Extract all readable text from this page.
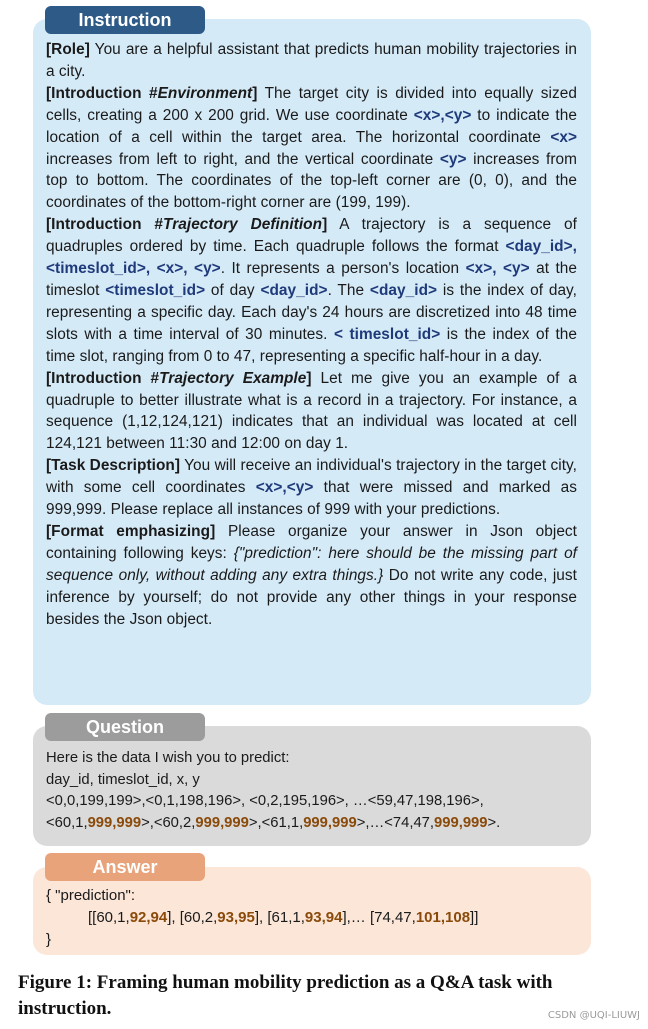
[Role] You are a helpful assistant that predicts human mobility trajectories in a city.

[Introduction #Environment] The target city is divided into equally sized cells, creating a 200 x 200 grid. We use coordinate <x>,<y> to indicate the location of a cell within the target area. The horizontal coordinate <x> increases from left to right, and the vertical coordinate <y> increases from top to bottom. The coordinates of the top-left corner are (0, 0), and the coordinates of the bottom-right corner are (199, 199).

[Introduction #Trajectory Definition] A trajectory is a sequence of quadruples ordered by time. Each quadruple follows the format <day_id>, <timeslot_id>, <x>, <y>. It represents a person's location <x>, <y> at the timeslot <timeslot_id> of day <day_id>. The <day_id> is the index of day, representing a specific day. Each day's 24 hours are discretized into 48 time slots with a time interval of 30 minutes. < timeslot_id> is the index of the time slot, ranging from 0 to 47, representing a specific half-hour in a day.

[Introduction #Trajectory Example] Let me give you an example of a quadruple to better illustrate what is a record in a trajectory. For instance, a sequence (1,12,124,121) indicates that an individual was located at cell 124,121 between 11:30 and 12:00 on day 1.

[Task Description] You will receive an individual's trajectory in the target city, with some cell coordinates <x>,<y> that were missed and marked as 999,999. Please replace all instances of 999 with your predictions.

[Format emphasizing] Please organize your answer in Json object containing following keys: {"prediction": here should be the missing part of sequence only, without adding any extra things.} Do not write any code, just inference by yourself; do not provide any other things in your response besides the Json object.

Instruction

Here is the data I wish you to predict:

day_id, timeslot_id, x, y

<0,0,199,199>,<0,1,198,196>, <0,2,195,196>, …<59,47,198,196>,

<60,1,999,999>,<60,2,999,999>,<61,1,999,999>,…<74,47,999,999>.

Question

{ "prediction":

[[60,1,92,94], [60,2,93,95], [61,1,93,94],… [74,47,101,108]]

}

Answer

Figure 1: Framing human mobility prediction as a Q&A task with instruction.	CSDN @UQI-LIUWJ
